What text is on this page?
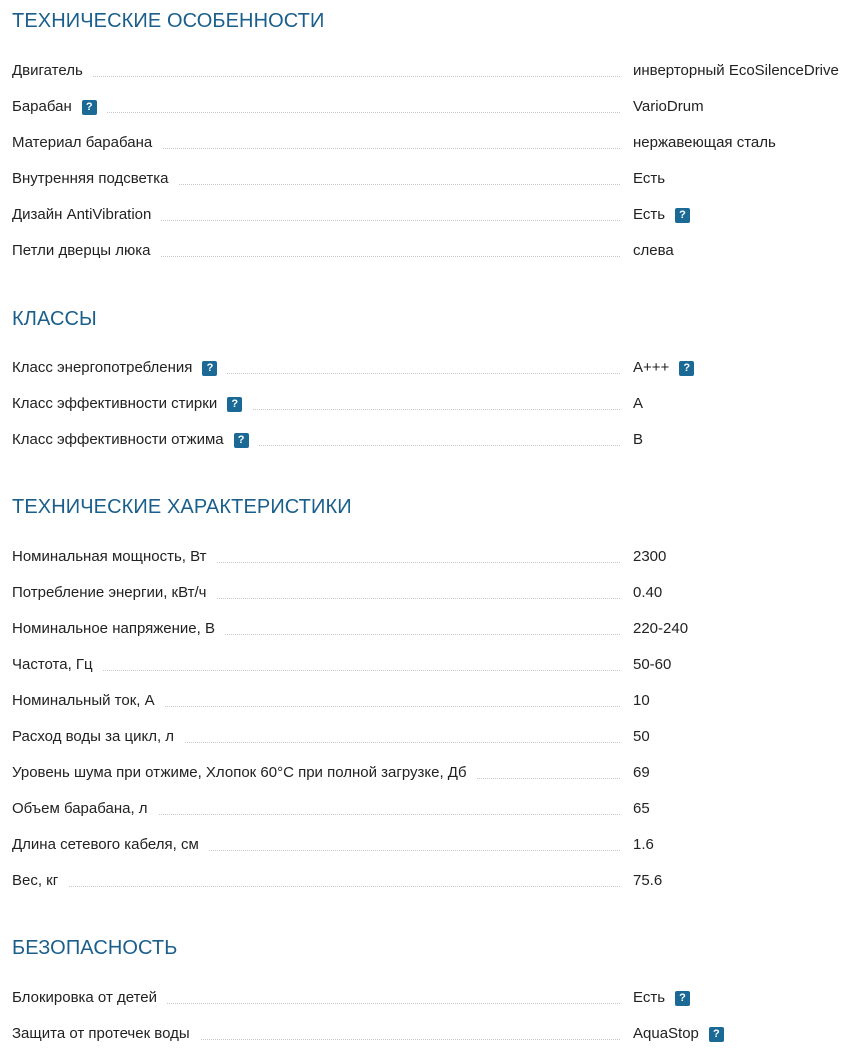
ТЕХНИЧЕСКИЕ ОСОБЕННОСТИ
Двигатель	инверторный EcoSilenceDrive
Барабан	?	VarioDrum
Материал барабана	нержавеющая сталь
Внутренняя подсветка	Есть
Дизайн AntiVibration	Есть	?
Петли дверцы люка	слева
КЛАССЫ
Класс энергопотребления	?	A+++	?
Класс эффективности стирки	?	A
Класс эффективности отжима	?	B
ТЕХНИЧЕСКИЕ ХАРАКТЕРИСТИКИ
Номинальная мощность, Вт	2300
Потребление энергии, кВт/ч	0.40
Номинальное напряжение, В	220-240
Частота, Гц	50-60
Номинальный ток, А	10
Расход воды за цикл, л	50
Уровень шума при отжиме, Хлопок 60°C при полной загрузке, Дб	69
Объем барабана, л	65
Длина сетевого кабеля, см	1.6
Вес, кг	75.6
БЕЗОПАСНОСТЬ
Блокировка от детей	Есть	?
Защита от протечек воды	AquaStop	?
